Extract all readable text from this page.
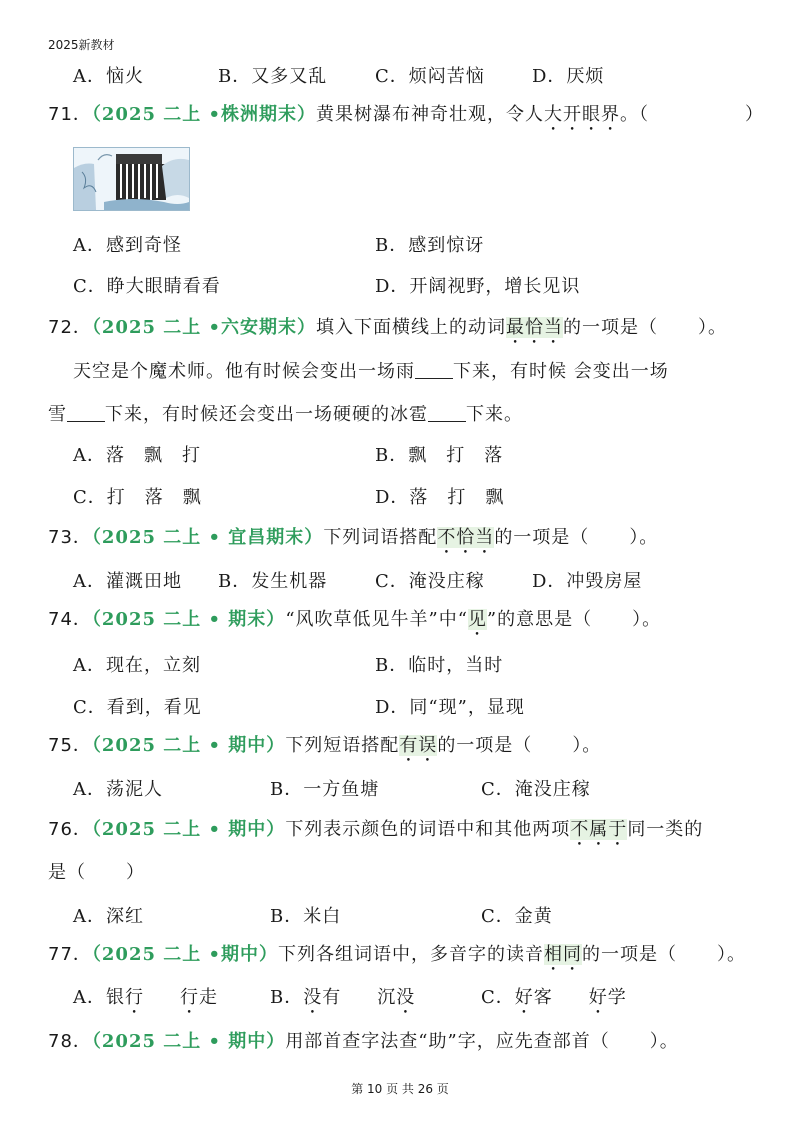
2025新教材
A．恼火	B．又多又乱	C．烦闷苦恼	D．厌烦
71．（2025 二上 •株洲期末）黄果树瀑布神奇壮观，令人大开眼界。（	）
A．感到奇怪	B．感到惊讶
C．睁大眼睛看看	D．开阔视野，增长见识
72．（2025 二上 •六安期末）填入下面横线上的动词最恰当的一项是（ ）。
天空是个魔术师。他有时候会变出一场雨 下来，有时候 会变出一场
雪 下来，有时候还会变出一场硬硬的冰雹 下来。
A．落　飘　打	B．飘　打　落
C．打　落　飘	D．落　打　飘
73．（2025 二上 • 宜昌期末）下列词语搭配不恰当的一项是（ ）。
A．灌溉田地 B．发生机器	C．淹没庄稼	D．冲毁房屋
74．（2025 二上 • 期末）“风吹草低见牛羊”中“见”的意思是（ ）。
A．现在，立刻	B．临时，当时
C．看到，看见	D．同“现”，显现
75．（2025 二上 • 期中）下列短语搭配有误的一项是（ ）。
A．荡泥人	B．一方鱼塘	C．淹没庄稼
76．（2025 二上 • 期中）下列表示颜色的词语中和其他两项不属于同一类的
是（ ）
A．深红	B．米白	C．金黄
77．（2025 二上 •期中）下列各组词语中，多音字的读音相同的一项是（ ）。
A．银行 行走	B．没有 沉没	C．好客 好学
78．（2025 二上 • 期中）用部首查字法查“助”字，应先查部首（ ）。
第 10 页 共 26 页
